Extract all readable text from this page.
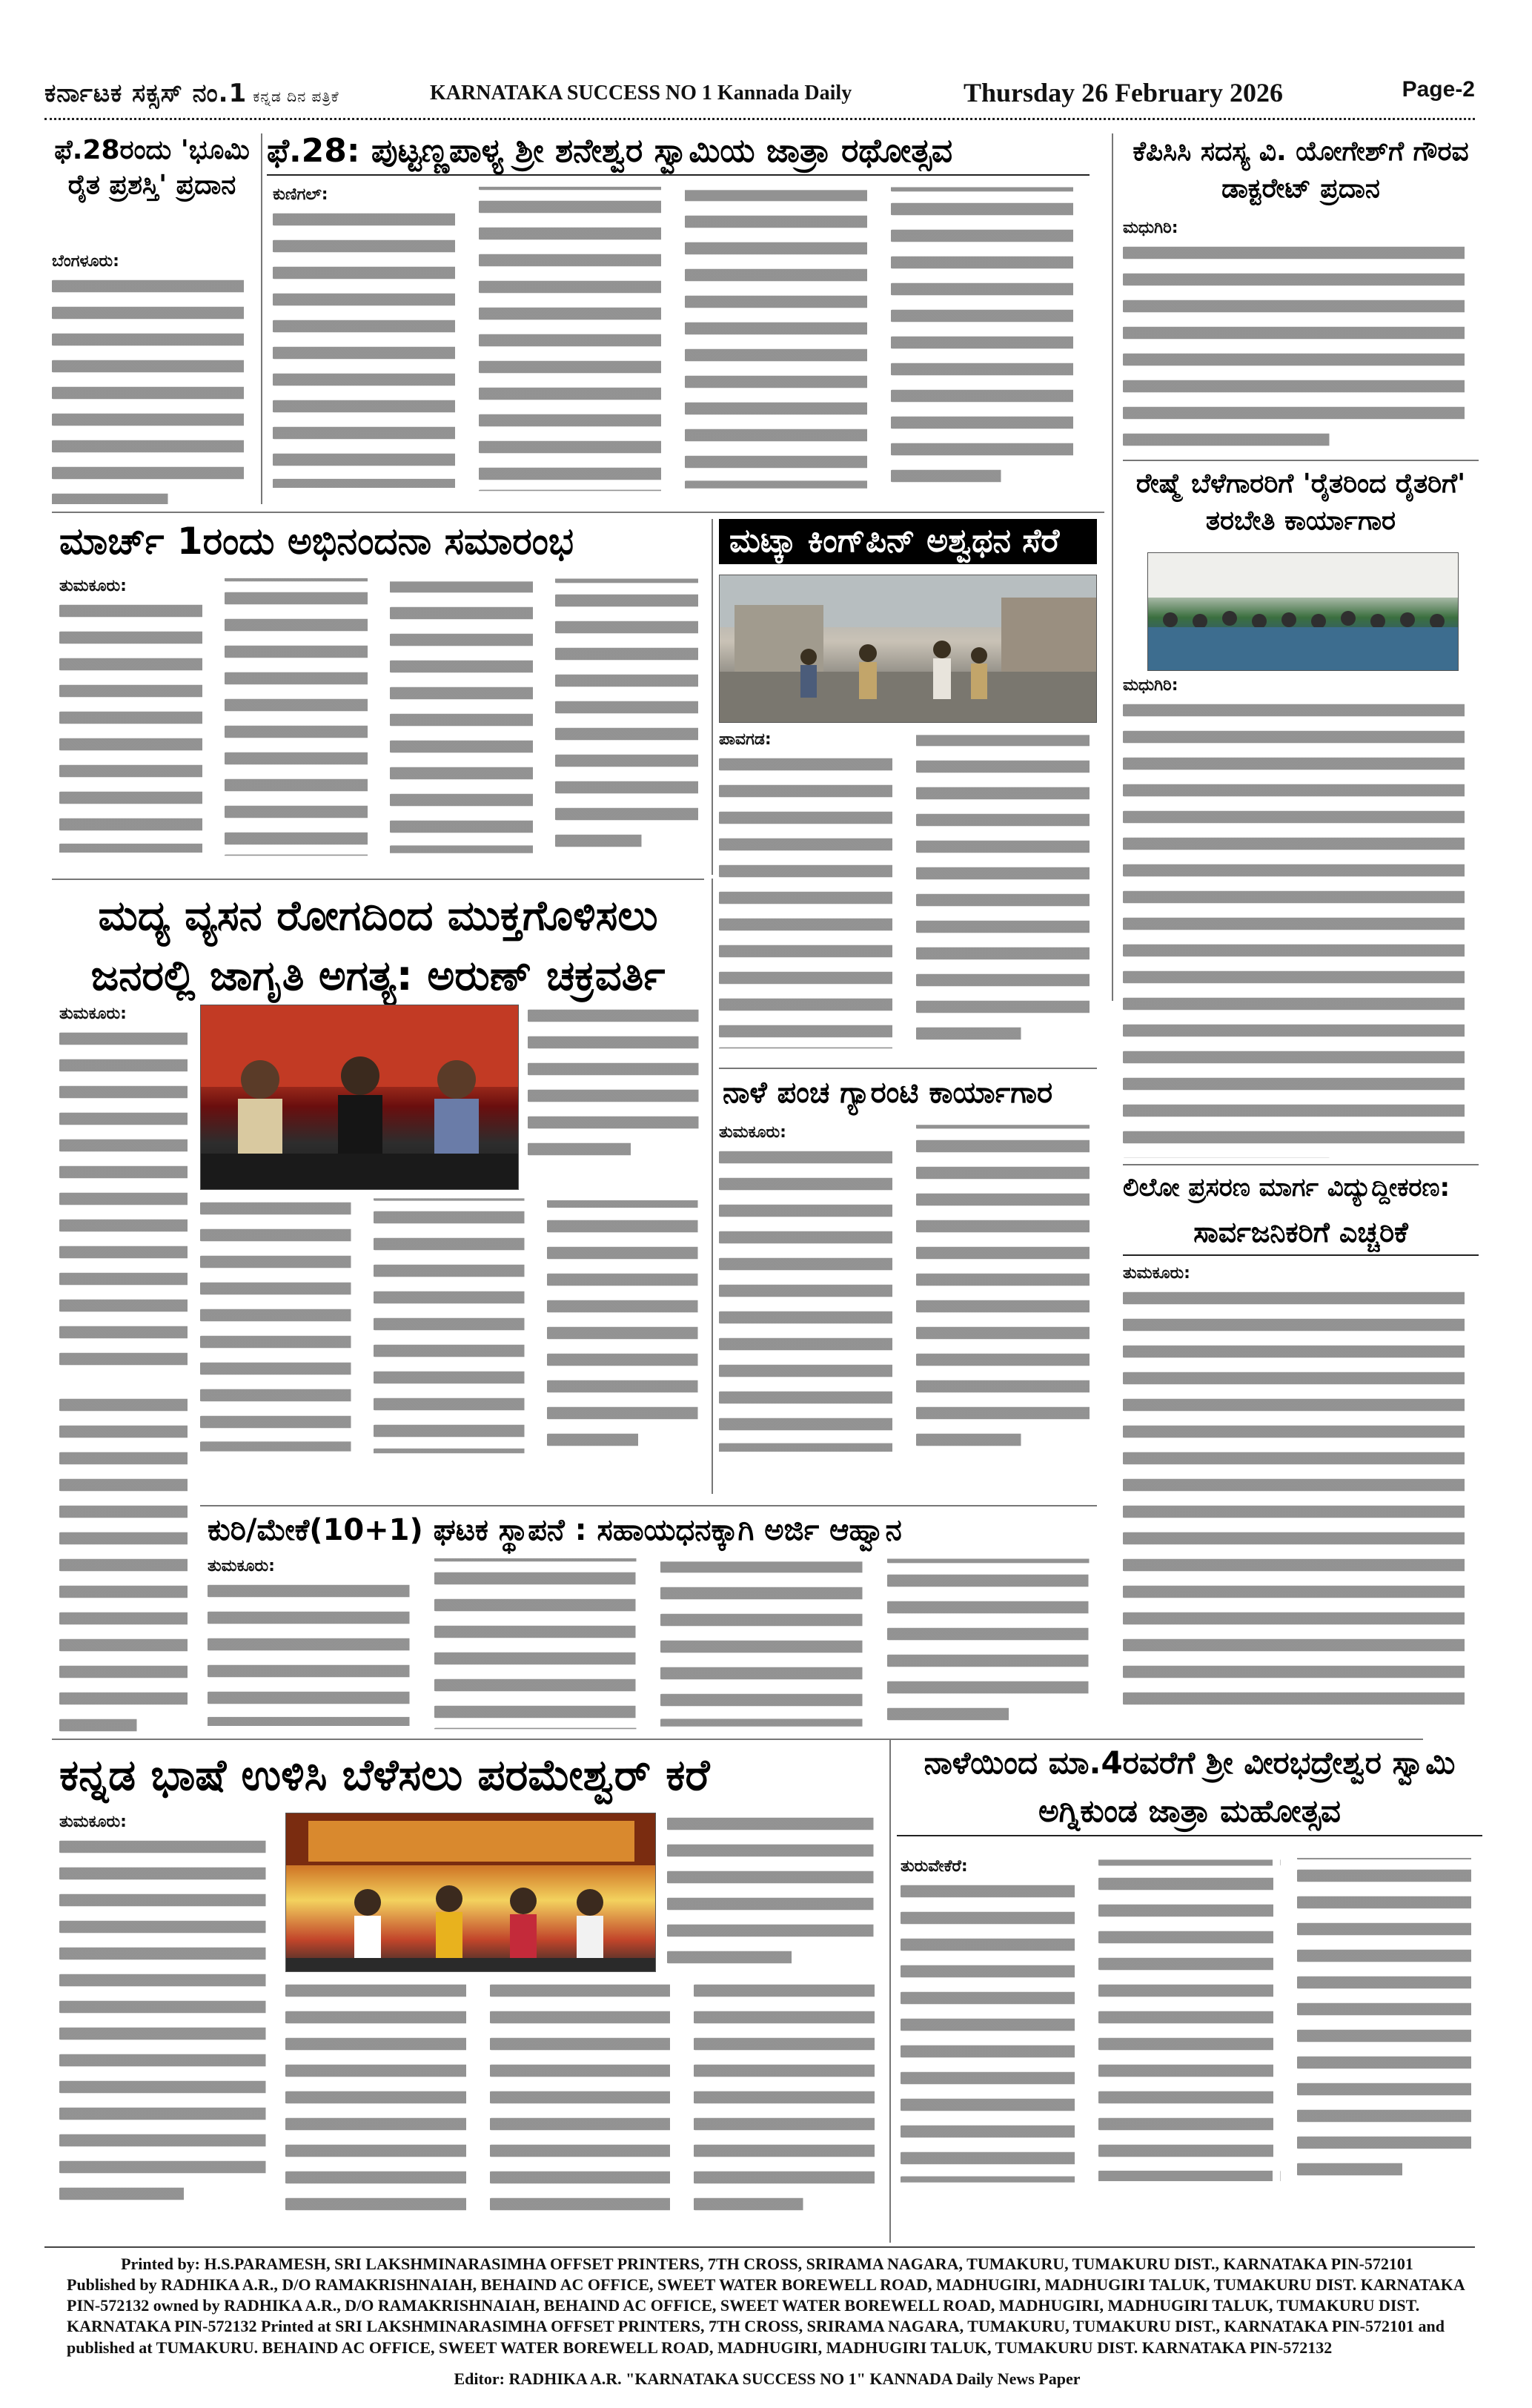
ಕರ್ನಾಟಕ ಸಕ್ಸಸ್ ನಂ.1 ಕನ್ನಡ ದಿನ ಪತ್ರಿಕೆ	KARNATAKA SUCCESS NO 1 Kannada Daily	Thursday 26 February 2026	Page-2
ಫೆ.28ರಂದು 'ಭೂಮಿ ರೈತ ಪ್ರಶಸ್ತಿ' ಪ್ರದಾನ
ಬೆಂಗಳೂರು:

ಫೆ.28: ಪುಟ್ಟಣ್ಣಪಾಳ್ಯ ಶ್ರೀ ಶನೇಶ್ವರ ಸ್ವಾಮಿಯ ಜಾತ್ರಾ ರಥೋತ್ಸವ
ಕುಣಿಗಲ್:

ಕೆಪಿಸಿಸಿ ಸದಸ್ಯ ವಿ. ಯೋಗೇಶ್‌ಗೆ ಗೌರವ ಡಾಕ್ಟರೇಟ್ ಪ್ರದಾನ
ಮಧುಗಿರಿ:

ಮಾರ್ಚ್ 1ರಂದು ಅಭಿನಂದನಾ ಸಮಾರಂಭ
ತುಮಕೂರು:

ಮಟ್ಕಾ ಕಿಂಗ್‌ಪಿನ್ ಅಶ್ವಥನ ಸೆರೆ
ಪಾವಗಡ:

ರೇಷ್ಮೆ ಬೆಳೆಗಾರರಿಗೆ 'ರೈತರಿಂದ ರೈತರಿಗೆ' ತರಬೇತಿ ಕಾರ್ಯಾಗಾರ
ಮಧುಗಿರಿ:

ಮದ್ಯ ವ್ಯಸನ ರೋಗದಿಂದ ಮುಕ್ತಗೊಳಿಸಲು ಜನರಲ್ಲಿ ಜಾಗೃತಿ ಅಗತ್ಯ: ಅರುಣ್ ಚಕ್ರವರ್ತಿ
ತುಮಕೂರು:

ನಾಳೆ ಪಂಚ ಗ್ಯಾರಂಟಿ ಕಾರ್ಯಾಗಾರ
ತುಮಕೂರು:

ಲಿಲೋ ಪ್ರಸರಣ ಮಾರ್ಗ ವಿದ್ಯುದ್ದೀಕರಣ:
ಸಾರ್ವಜನಿಕರಿಗೆ ಎಚ್ಚರಿಕೆ
ತುಮಕೂರು:

ಕುರಿ/ಮೇಕೆ(10+1) ಘಟಕ ಸ್ಥಾಪನೆ : ಸಹಾಯಧನಕ್ಕಾಗಿ ಅರ್ಜಿ ಆಹ್ವಾನ
ತುಮಕೂರು:

ಕನ್ನಡ ಭಾಷೆ ಉಳಿಸಿ ಬೆಳೆಸಲು ಪರಮೇಶ್ವರ್ ಕರೆ
ತುಮಕೂರು:

ನಾಳೆಯಿಂದ ಮಾ.4ರವರೆಗೆ ಶ್ರೀ ವೀರಭದ್ರೇಶ್ವರ ಸ್ವಾಮಿ ಅಗ್ನಿಕುಂಡ ಜಾತ್ರಾ ಮಹೋತ್ಸವ
ತುರುವೇಕೆರೆ:

Printed by: H.S.PARAMESH, SRI LAKSHMINARASIMHA OFFSET PRINTERS, 7TH CROSS, SRIRAMA NAGARA, TUMAKURU, TUMAKURU DIST., KARNATAKA PIN-572101
Published by RADHIKA A.R., D/O RAMAKRISHNAIAH, BEHAIND AC OFFICE, SWEET WATER BOREWELL ROAD, MADHUGIRI, MADHUGIRI TALUK, TUMAKURU DIST. KARNATAKA PIN-572132 owned by RADHIKA A.R., D/O RAMAKRISHNAIAH, BEHAIND AC OFFICE, SWEET WATER BOREWELL ROAD, MADHUGIRI, MADHUGIRI TALUK, TUMAKURU DIST. KARNATAKA PIN-572132 Printed at SRI LAKSHMINARASIMHA OFFSET PRINTERS, 7TH CROSS, SRIRAMA NAGARA, TUMAKURU, TUMAKURU DIST., KARNATAKA PIN-572101 and published at TUMAKURU. BEHAIND AC OFFICE, SWEET WATER BOREWELL ROAD, MADHUGIRI, MADHUGIRI TALUK, TUMAKURU DIST. KARNATAKA PIN-572132
Editor: RADHIKA A.R. "KARNATAKA SUCCESS NO 1" KANNADA Daily News Paper
